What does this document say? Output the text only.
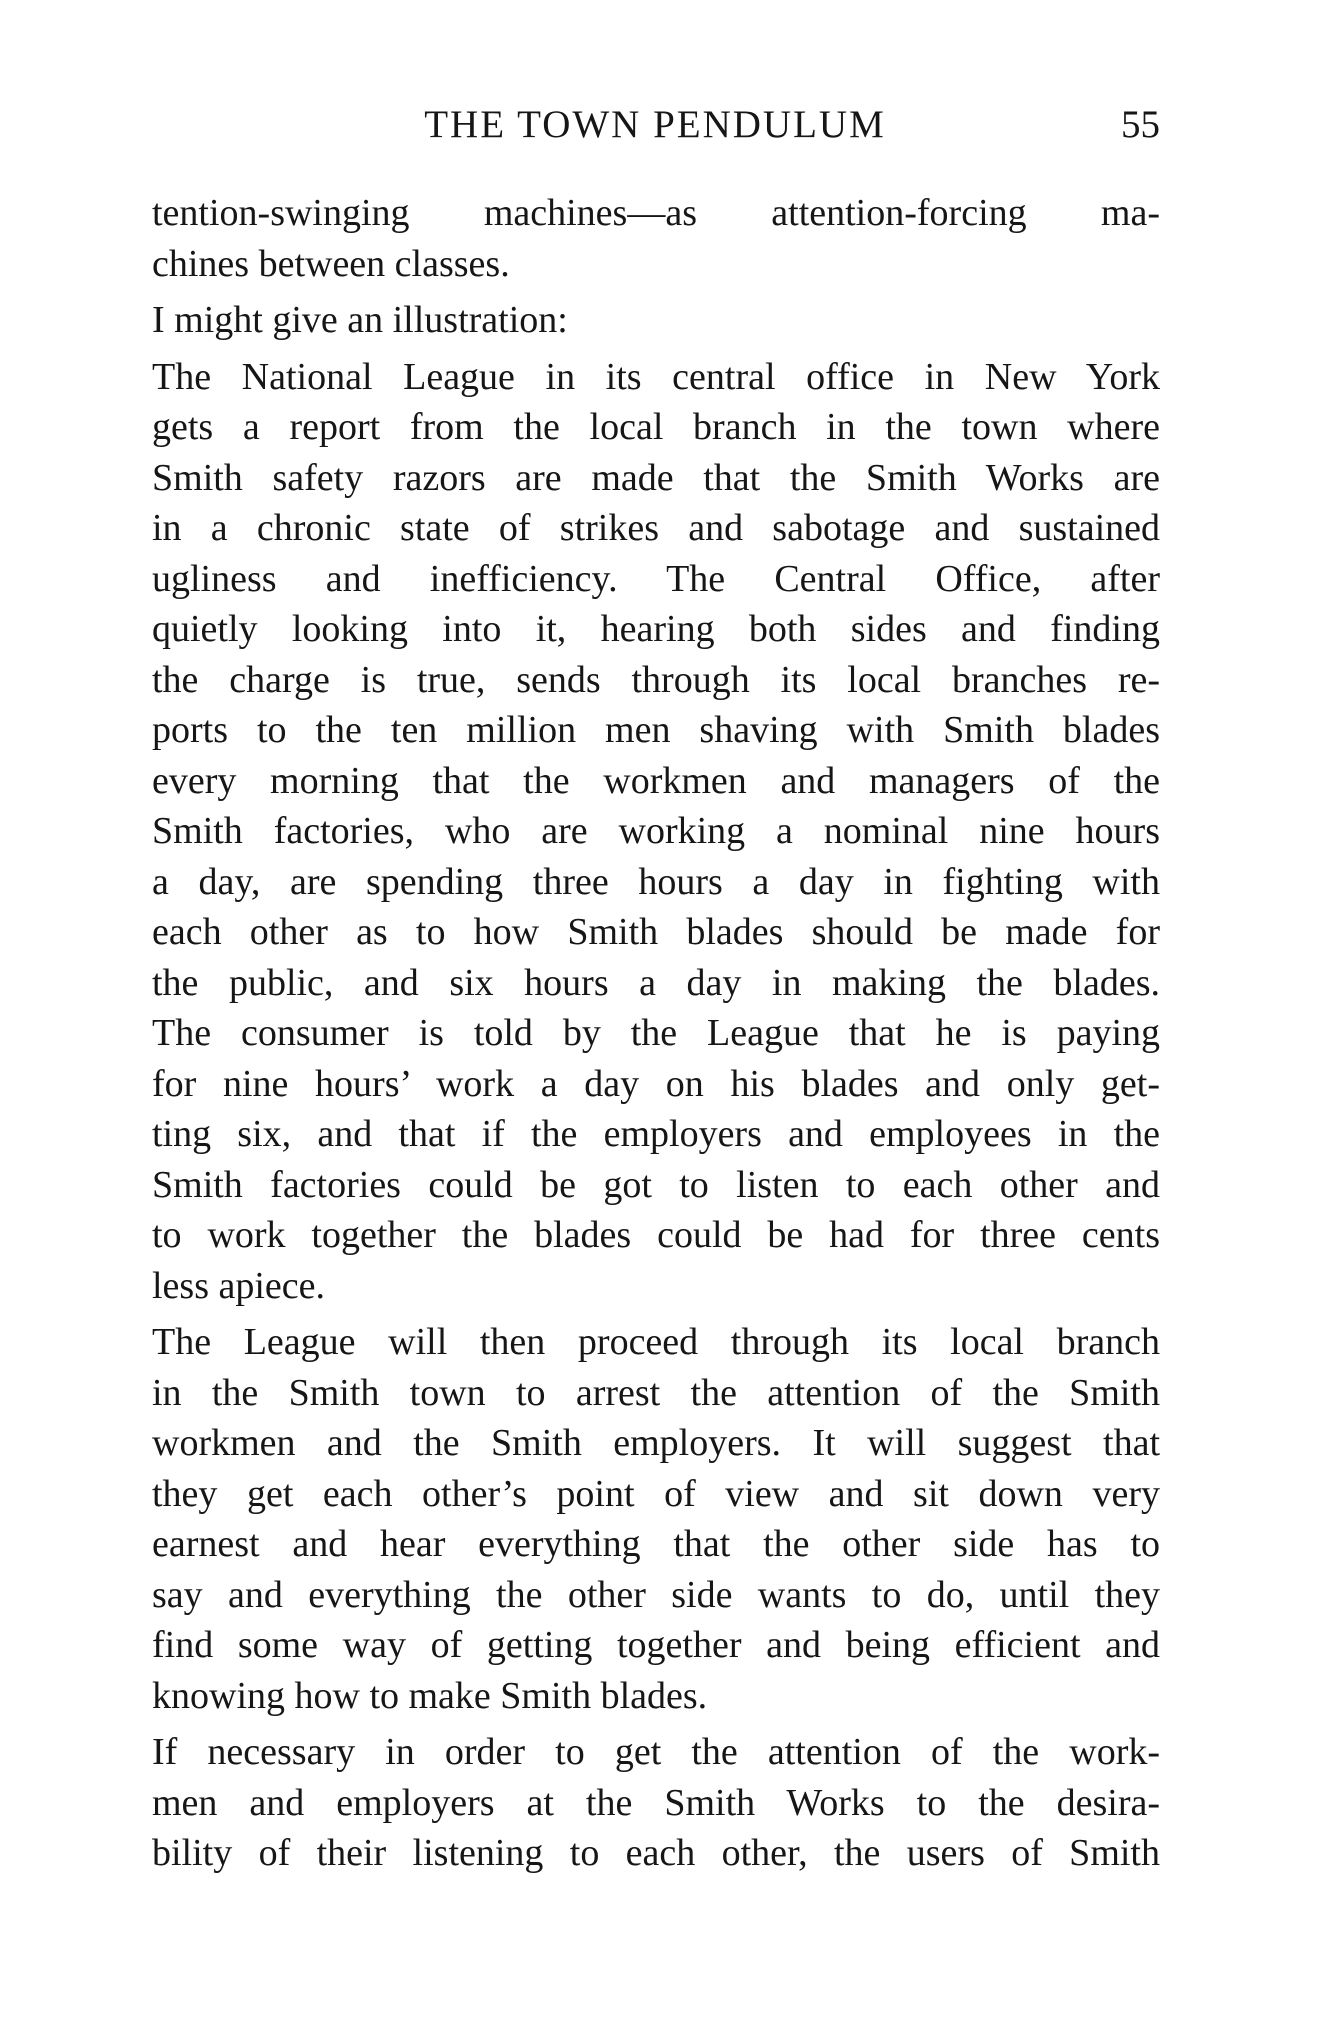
THE TOWN PENDULUM	55
tention-swinging machines—as attention-forcing ma-
chines between classes.
I might give an illustration:
The National League in its central office in New York
gets a report from the local branch in the town where
Smith safety razors are made that the Smith Works are
in a chronic state of strikes and sabotage and sustained
ugliness and inefficiency. The Central Office, after
quietly looking into it, hearing both sides and finding
the charge is true, sends through its local branches re-
ports to the ten million men shaving with Smith blades
every morning that the workmen and managers of the
Smith factories, who are working a nominal nine hours
a day, are spending three hours a day in fighting with
each other as to how Smith blades should be made for
the public, and six hours a day in making the blades.
The consumer is told by the League that he is paying
for nine hours’ work a day on his blades and only get-
ting six, and that if the employers and employees in the
Smith factories could be got to listen to each other and
to work together the blades could be had for three cents
less apiece.
The League will then proceed through its local branch
in the Smith town to arrest the attention of the Smith
workmen and the Smith employers. It will suggest that
they get each other’s point of view and sit down very
earnest and hear everything that the other side has to
say and everything the other side wants to do, until they
find some way of getting together and being efficient and
knowing how to make Smith blades.
If necessary in order to get the attention of the work-
men and employers at the Smith Works to the desira-
bility of their listening to each other, the users of Smith
